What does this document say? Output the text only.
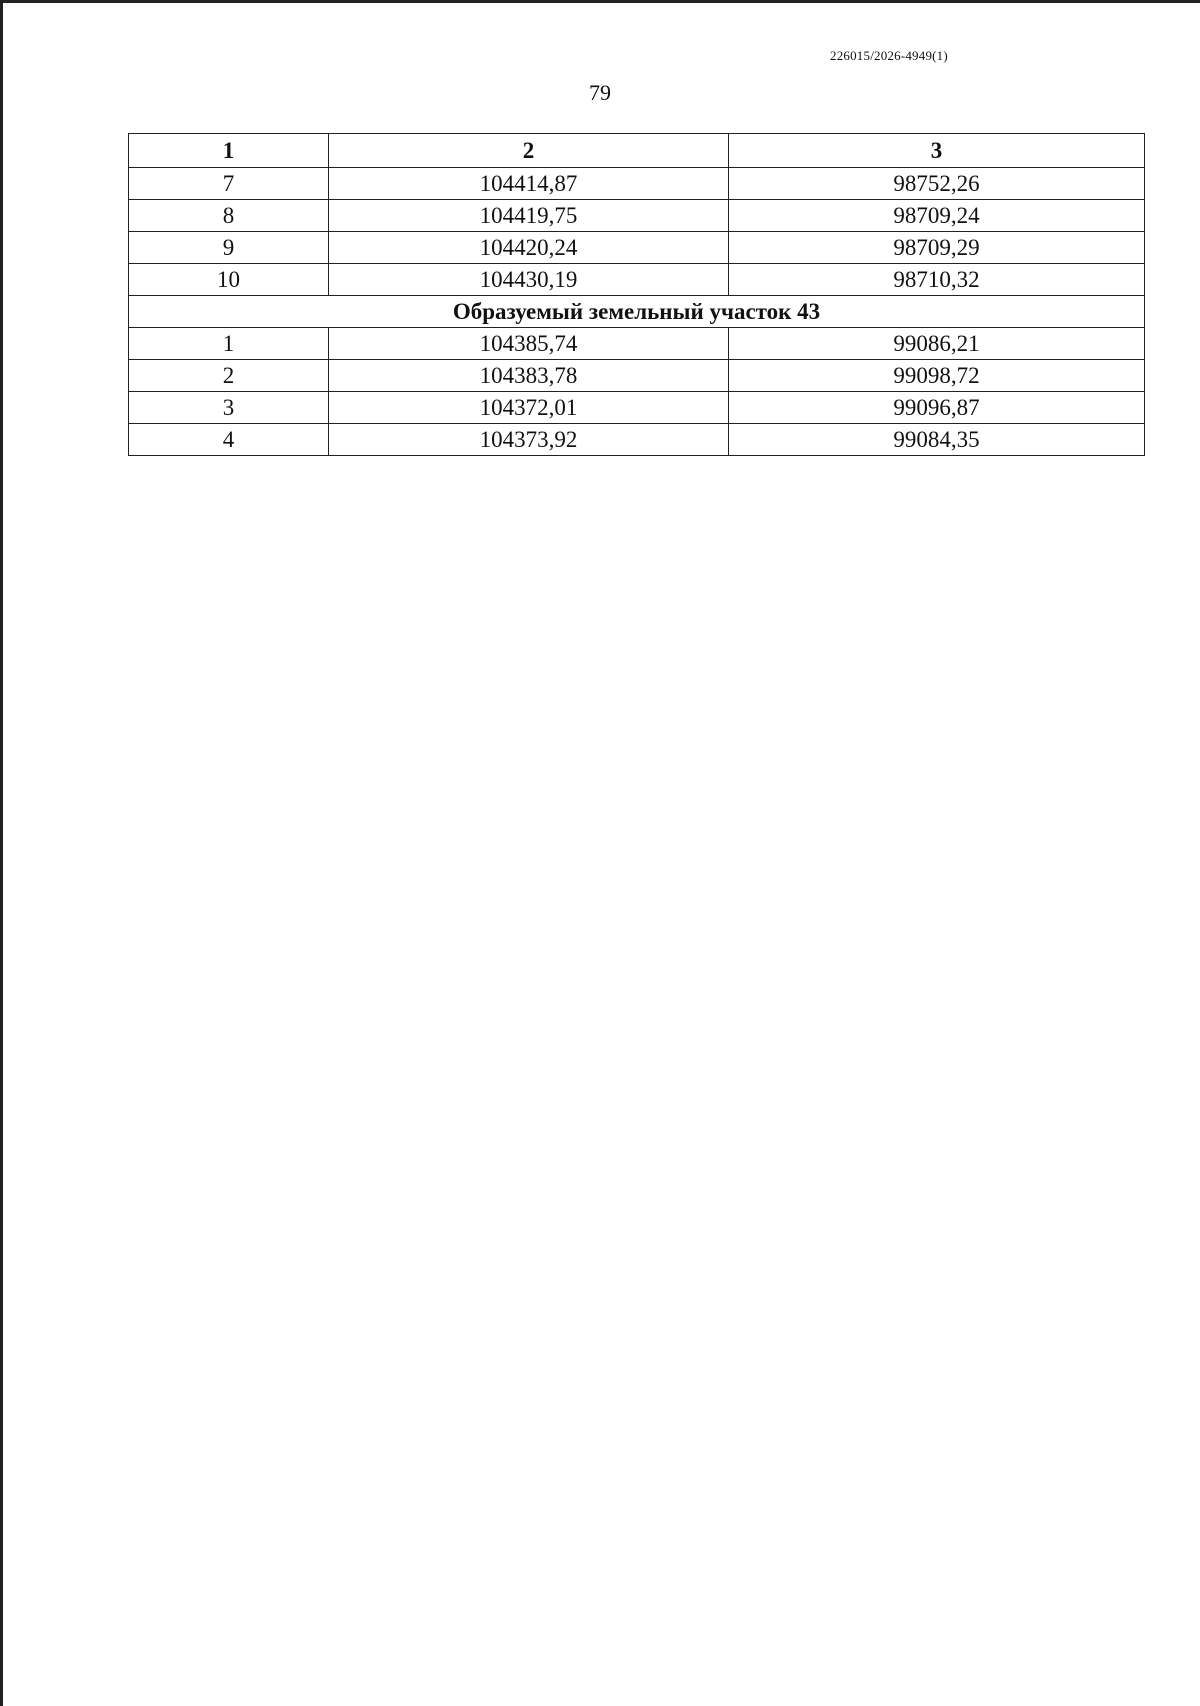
226015/2026-4949(1)
79
1	2	3
7	104414,87	98752,26
8	104419,75	98709,24
9	104420,24	98709,29
10	104430,19	98710,32
Образуемый земельный участок 43		
1	104385,74	99086,21
2	104383,78	99098,72
3	104372,01	99096,87
4	104373,92	99084,35
